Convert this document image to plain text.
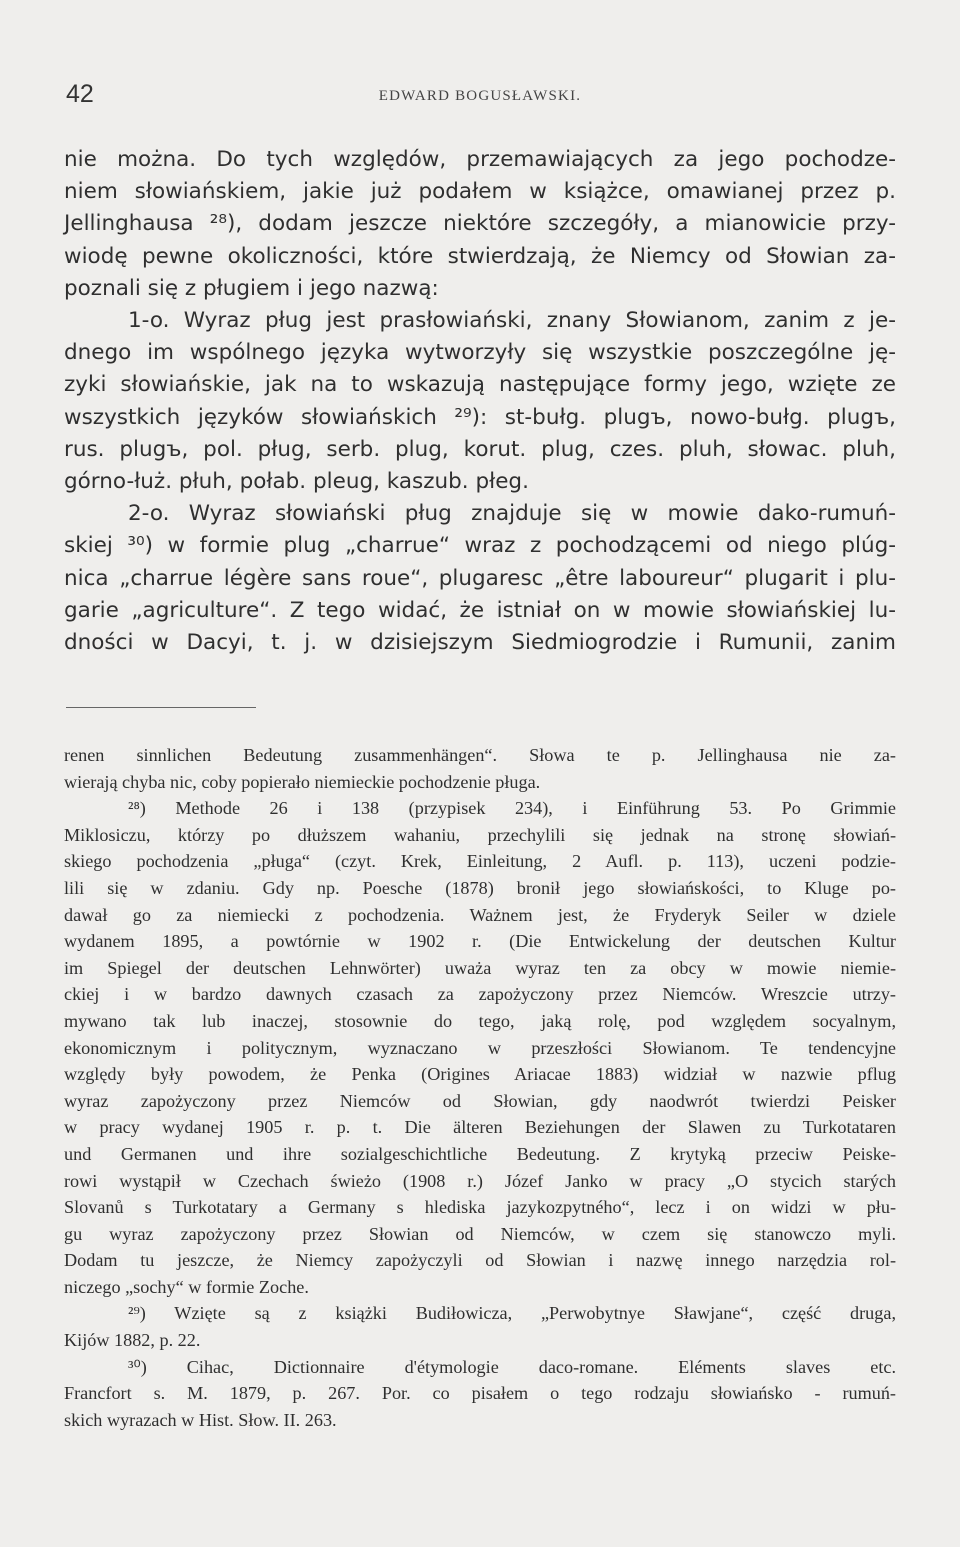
42	EDWARD BOGUSŁAWSKI.
nie można. Do tych względów, przemawiających za jego pochodze-
niem słowiańskiem, jakie już podałem w książce, omawianej przez p.
Jellinghausa ²⁸), dodam jeszcze niektóre szczegóły, a mianowicie przy-
wiodę pewne okoliczności, które stwierdzają, że Niemcy od Słowian za-
poznali się z pługiem i jego nazwą:
1-o. Wyraz pług jest prasłowiański, znany Słowianom, zanim z je-
dnego im wspólnego języka wytworzyły się wszystkie poszczególne ję-
zyki słowiańskie, jak na to wskazują następujące formy jego, wzięte ze
wszystkich języków słowiańskich ²⁹): st-bułg. plugъ, nowo-bułg. plugъ,
rus. plugъ, pol. pług, serb. plug, korut. plug, czes. pluh, słowac. pluh,
górno-łuż. płuh, połab. pleug, kaszub. płeg.
2-o. Wyraz słowiański pług znajduje się w mowie dako-rumuń-
skiej ³⁰) w formie plug „charrue“ wraz z pochodzącemi od niego plúg-
nica „charrue légère sans roue“, plugaresc „être laboureur“ plugarit i plu-
garie „agriculture“. Z tego widać, że istniał on w mowie słowiańskiej lu-
dności w Dacyi, t. j. w dzisiejszym Siedmiogrodzie i Rumunii, zanim
renen sinnlichen Bedeutung zusammenhängen“. Słowa te p. Jellinghausa nie za-
wierają chyba nic, coby popierało niemieckie pochodzenie pługa.
²⁸) Methode 26 i 138 (przypisek 234), i Einführung 53. Po Grimmie
Miklosiczu, którzy po dłuższem wahaniu, przechylili się jednak na stronę słowiań-
skiego pochodzenia „pługa“ (czyt. Krek, Einleitung, 2 Aufl. p. 113), uczeni podzie-
lili się w zdaniu. Gdy np. Poesche (1878) bronił jego słowiańskości, to Kluge po-
dawał go za niemiecki z pochodzenia. Ważnem jest, że Fryderyk Seiler w dziele
wydanem 1895, a powtórnie w 1902 r. (Die Entwickelung der deutschen Kultur
im Spiegel der deutschen Lehnwörter) uważa wyraz ten za obcy w mowie niemie-
ckiej i w bardzo dawnych czasach za zapożyczony przez Niemców. Wreszcie utrzy-
mywano tak lub inaczej, stosownie do tego, jaką rolę, pod względem socyalnym,
ekonomicznym i politycznym, wyznaczano w przeszłości Słowianom. Te tendencyjne
względy były powodem, że Penka (Origines Ariacae 1883) widział w nazwie pflug
wyraz zapożyczony przez Niemców od Słowian, gdy naodwrót twierdzi Peisker
w pracy wydanej 1905 r. p. t. Die älteren Beziehungen der Slawen zu Turkotataren
und Germanen und ihre sozialgeschichtliche Bedeutung. Z krytyką przeciw Peiske-
rowi wystąpił w Czechach świeżo (1908 r.) Józef Janko w pracy „O stycich starých
Slovanů s Turkotatary a Germany s hlediska jazykozpytného“, lecz i on widzi w płu-
gu wyraz zapożyczony przez Słowian od Niemców, w czem się stanowczo myli.
Dodam tu jeszcze, że Niemcy zapożyczyli od Słowian i nazwę innego narzędzia rol-
niczego „sochy“ w formie Zoche.
²⁹) Wzięte są z książki Budiłowicza, „Perwobytnye Sławjane“, część druga,
Kijów 1882, p. 22.
³⁰) Cihac, Dictionnaire d'étymologie daco-romane. Eléments slaves etc.
Francfort s. M. 1879, p. 267. Por. co pisałem o tego rodzaju słowiańsko - rumuń-
skich wyrazach w Hist. Słow. II. 263.
